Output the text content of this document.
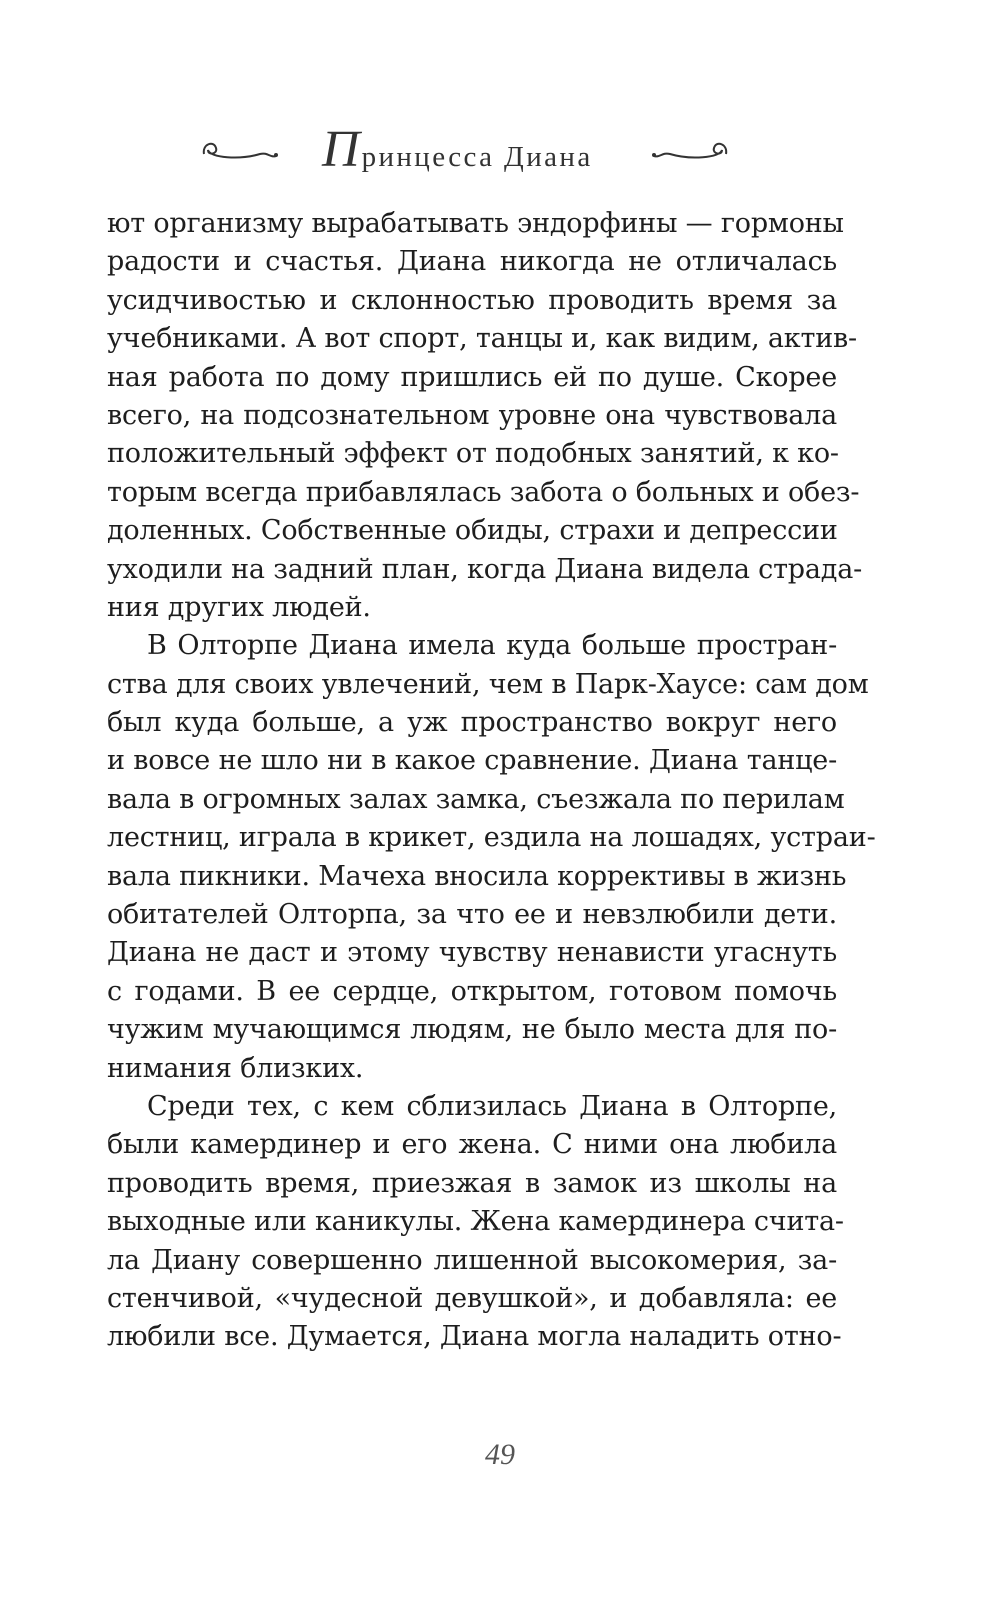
П ринцесса Диана
ют организму вырабатывать эндорфины — гормоны
радости и счастья. Диана никогда не отличалась
усидчивостью и склонностью проводить время за
учебниками. А вот спорт, танцы и, как видим, актив-
ная работа по дому пришлись ей по душе. Скорее
всего, на подсознательном уровне она чувствовала
положительный эффект от подобных занятий, к ко-
торым всегда прибавлялась забота о больных и обез-
доленных. Собственные обиды, страхи и депрессии
уходили на задний план, когда Диана видела страда-
ния других людей.
В Олторпе Диана имела куда больше простран-
ства для своих увлечений, чем в Парк-Хаусе: сам дом
был куда больше, а уж пространство вокруг него
и вовсе не шло ни в какое сравнение. Диана танце-
вала в огромных залах замка, съезжала по перилам
лестниц, играла в крикет, ездила на лошадях, устраи-
вала пикники. Мачеха вносила коррективы в жизнь
обитателей Олторпа, за что ее и невзлюбили дети.
Диана не даст и этому чувству ненависти угаснуть
с годами. В ее сердце, открытом, готовом помочь
чужим мучающимся людям, не было места для по-
нимания близких.
Среди тех, с кем сблизилась Диана в Олторпе,
были камердинер и его жена. С ними она любила
проводить время, приезжая в замок из школы на
выходные или каникулы. Жена камердинера счита-
ла Диану совершенно лишенной высокомерия, за-
стенчивой, «чудесной девушкой», и добавляла: ее
любили все. Думается, Диана могла наладить отно-
49
